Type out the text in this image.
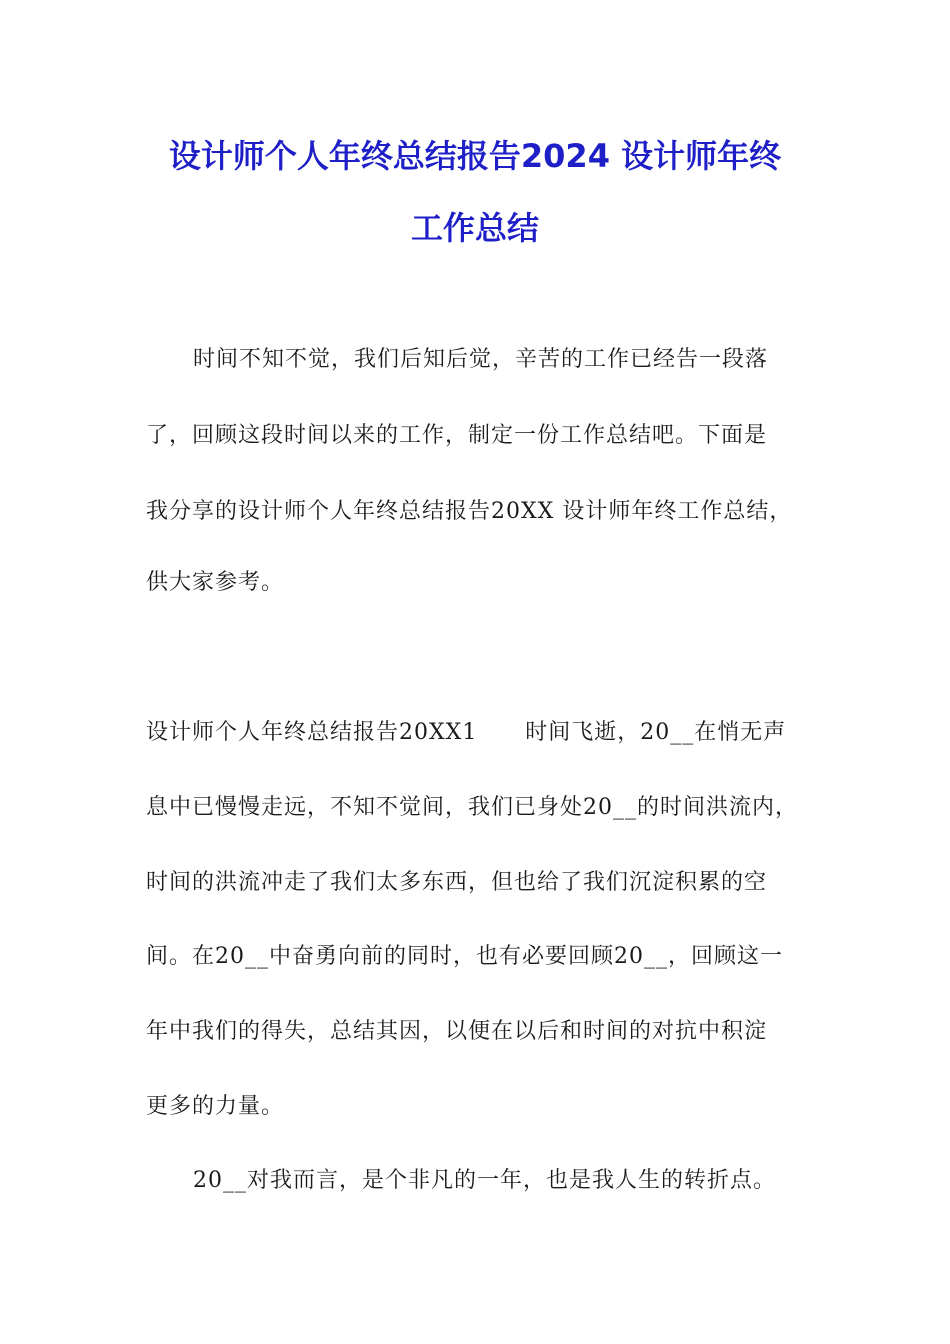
设计师个人年终总结报告2024 设计师年终
工作总结
时间不知不觉，我们后知后觉，辛苦的工作已经告一段落
了，回顾这段时间以来的工作，制定一份工作总结吧。下面是
我分享的设计师个人年终总结报告20XX 设计师年终工作总结，
供大家参考。
设计师个人年终总结报告20XX1      时间飞逝，20__在悄无声
息中已慢慢走远，不知不觉间，我们已身处20__的时间洪流内，
时间的洪流冲走了我们太多东西，但也给了我们沉淀积累的空
间。在20__中奋勇向前的同时，也有必要回顾20__，回顾这一
年中我们的得失，总结其因，以便在以后和时间的对抗中积淀
更多的力量。
20__对我而言，是个非凡的一年，也是我人生的转折点。
